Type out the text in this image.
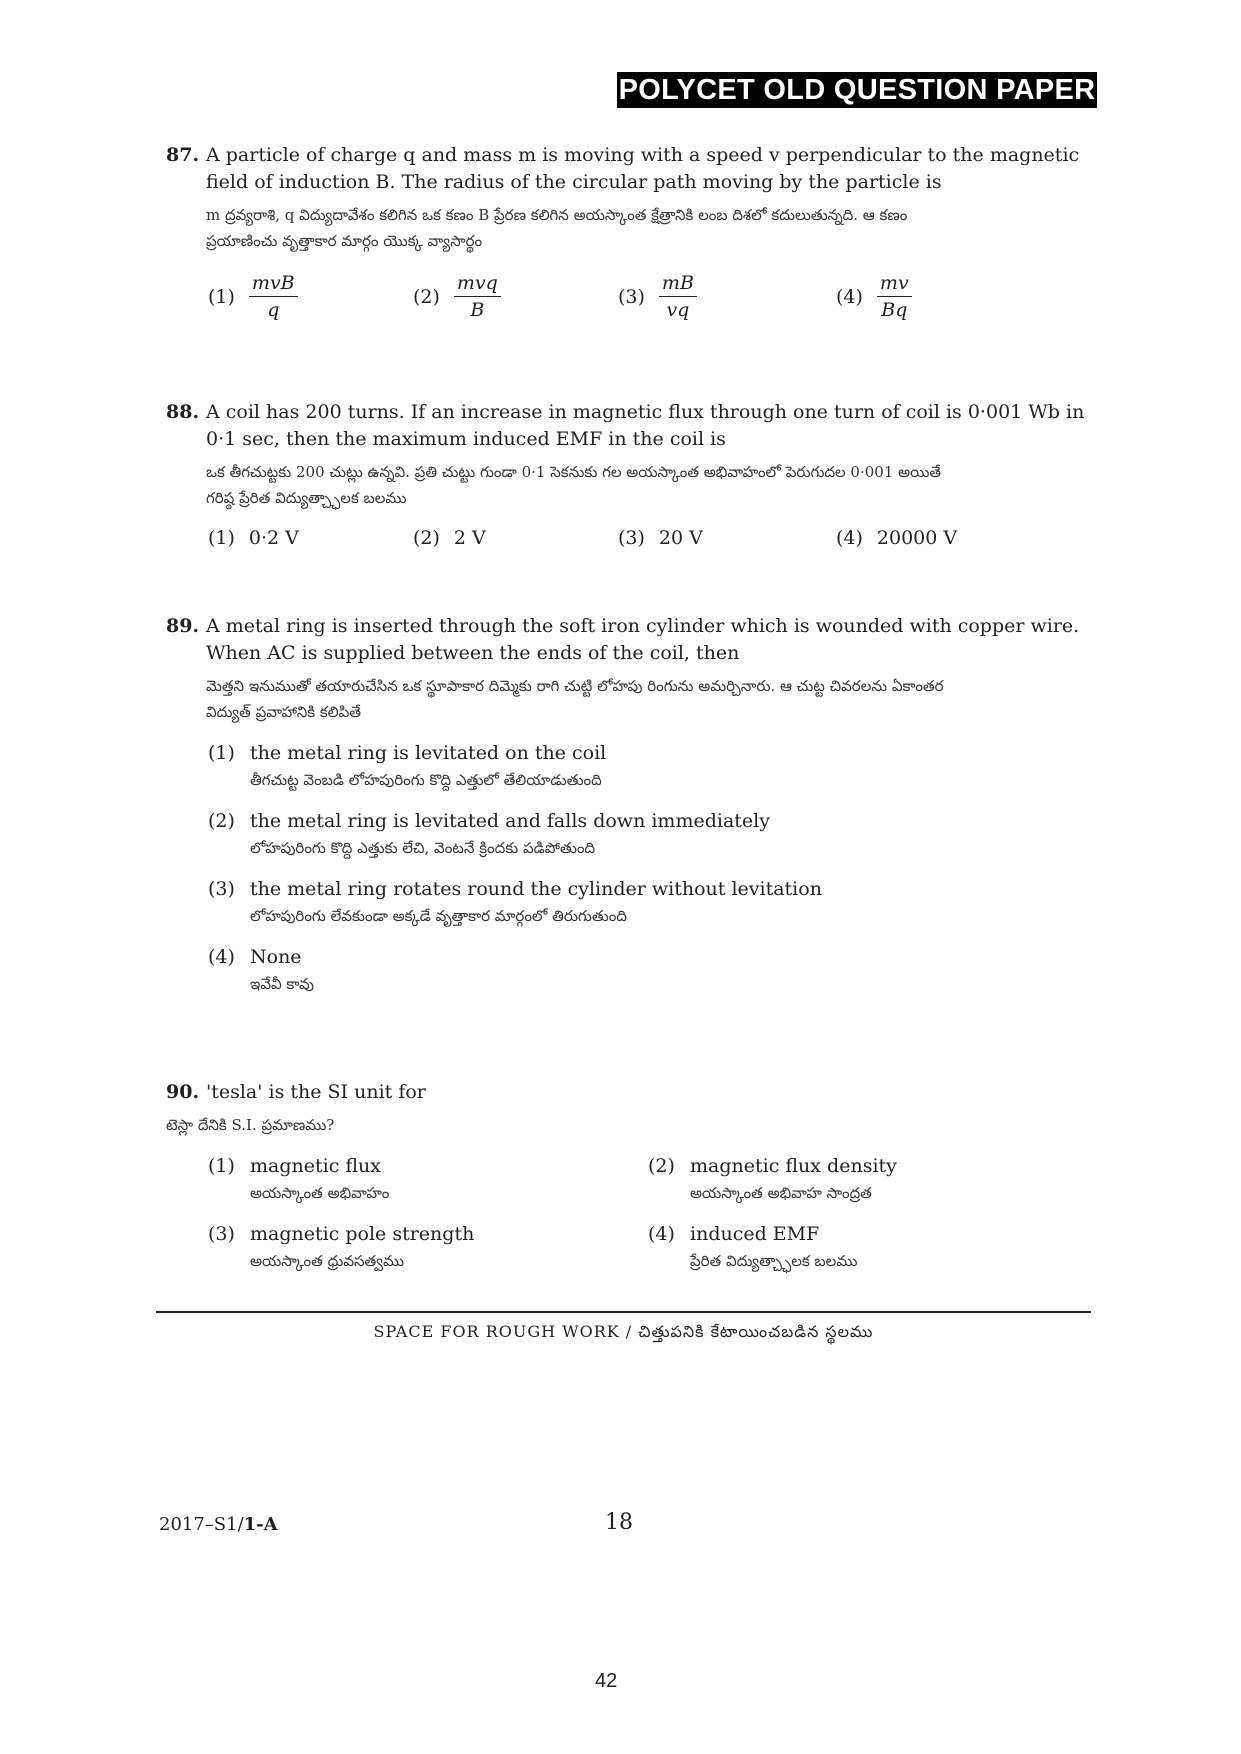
POLYCET OLD QUESTION PAPER

87. A particle of charge q and mass m is moving with a speed v perpendicular to the magnetic

field of induction B. The radius of the circular path moving by the particle is

m ద్రవ్యరాశి, q విద్యుదావేశం కలిగిన ఒక కణం B ప్రేరణ కలిగిన అయస్కాంత క్షేత్రానికి లంబ దిశలో కదులుతున్నది. ఆ కణం
ప్రయాణించు వృత్తాకార మార్గం యొక్క వ్యాసార్థం
$(1) \frac{\text{mvB}}{q}$	$(2) \frac{\text{mvq}}{B}$	$(3) \frac{mB}{vq}$	$(4) \frac{mv}{Bq}$

88. A coil has 200 turns. If an increase in magnetic flux through one turn of coil is 0·001 Wb in

0·1 sec, then the maximum induced EMF in the coil is

ఒక తీగచుట్టకు 200 చుట్లు ఉన్నవి. ప్రతి చుట్టు గుండా 0·1 సెకనుకు గల అయస్కాంత అభివాహంలో పెరుగుదల 0·001 అయితే
గరిష్ఠ ప్రేరిత విద్యుత్చ్ఛాలక బలము
(1) 0·2 V	(2) 2 V	(3) 20 V	(4) 20000 V

89. A metal ring is inserted through the soft iron cylinder which is wounded with copper wire.

When AC is supplied between the ends of the coil, then

మెత్తని ఇనుముతో తయారుచేసిన ఒక స్థూపాకార దిమ్మెకు రాగి చుట్టి లోహపు రింగును అమర్చినారు. ఆ చుట్ట చివరలను ఏకాంతర
విద్యుత్ ప్రవాహానికి కలిపితే
(1) the metal ring is levitated on the coil
తీగచుట్ట వెంబడి లోహపురింగు కొద్ది ఎత్తులో తేలియాడుతుంది
(2) the metal ring is levitated and falls down immediately
లోహపురింగు కొద్ది ఎత్తుకు లేచి, వెంటనే క్రిందకు పడిపోతుంది
(3) the metal ring rotates round the cylinder without levitation
లోహపురింగు లేవకుండా అక్కడే వృత్తాకార మార్గంలో తిరుగుతుంది
(4) None
ఇవేవీ కావు

90. 'tesla' is the SI unit for

టెస్లా దేనికి S.I. ప్రమాణము?
(1) magnetic flux
అయస్కాంత అభివాహం
(2) magnetic flux density
అయస్కాంత అభివాహ సాంద్రత
(3) magnetic pole strength
అయస్కాంత ధ్రువసత్వము
(4) induced EMF
ప్రేరిత విద్యుత్చ్ఛాలక బలము
SPACE FOR ROUGH WORK / చిత్తుపనికి కేటాయించబడిన స్థలము
2017–S1/1-A	18
42
